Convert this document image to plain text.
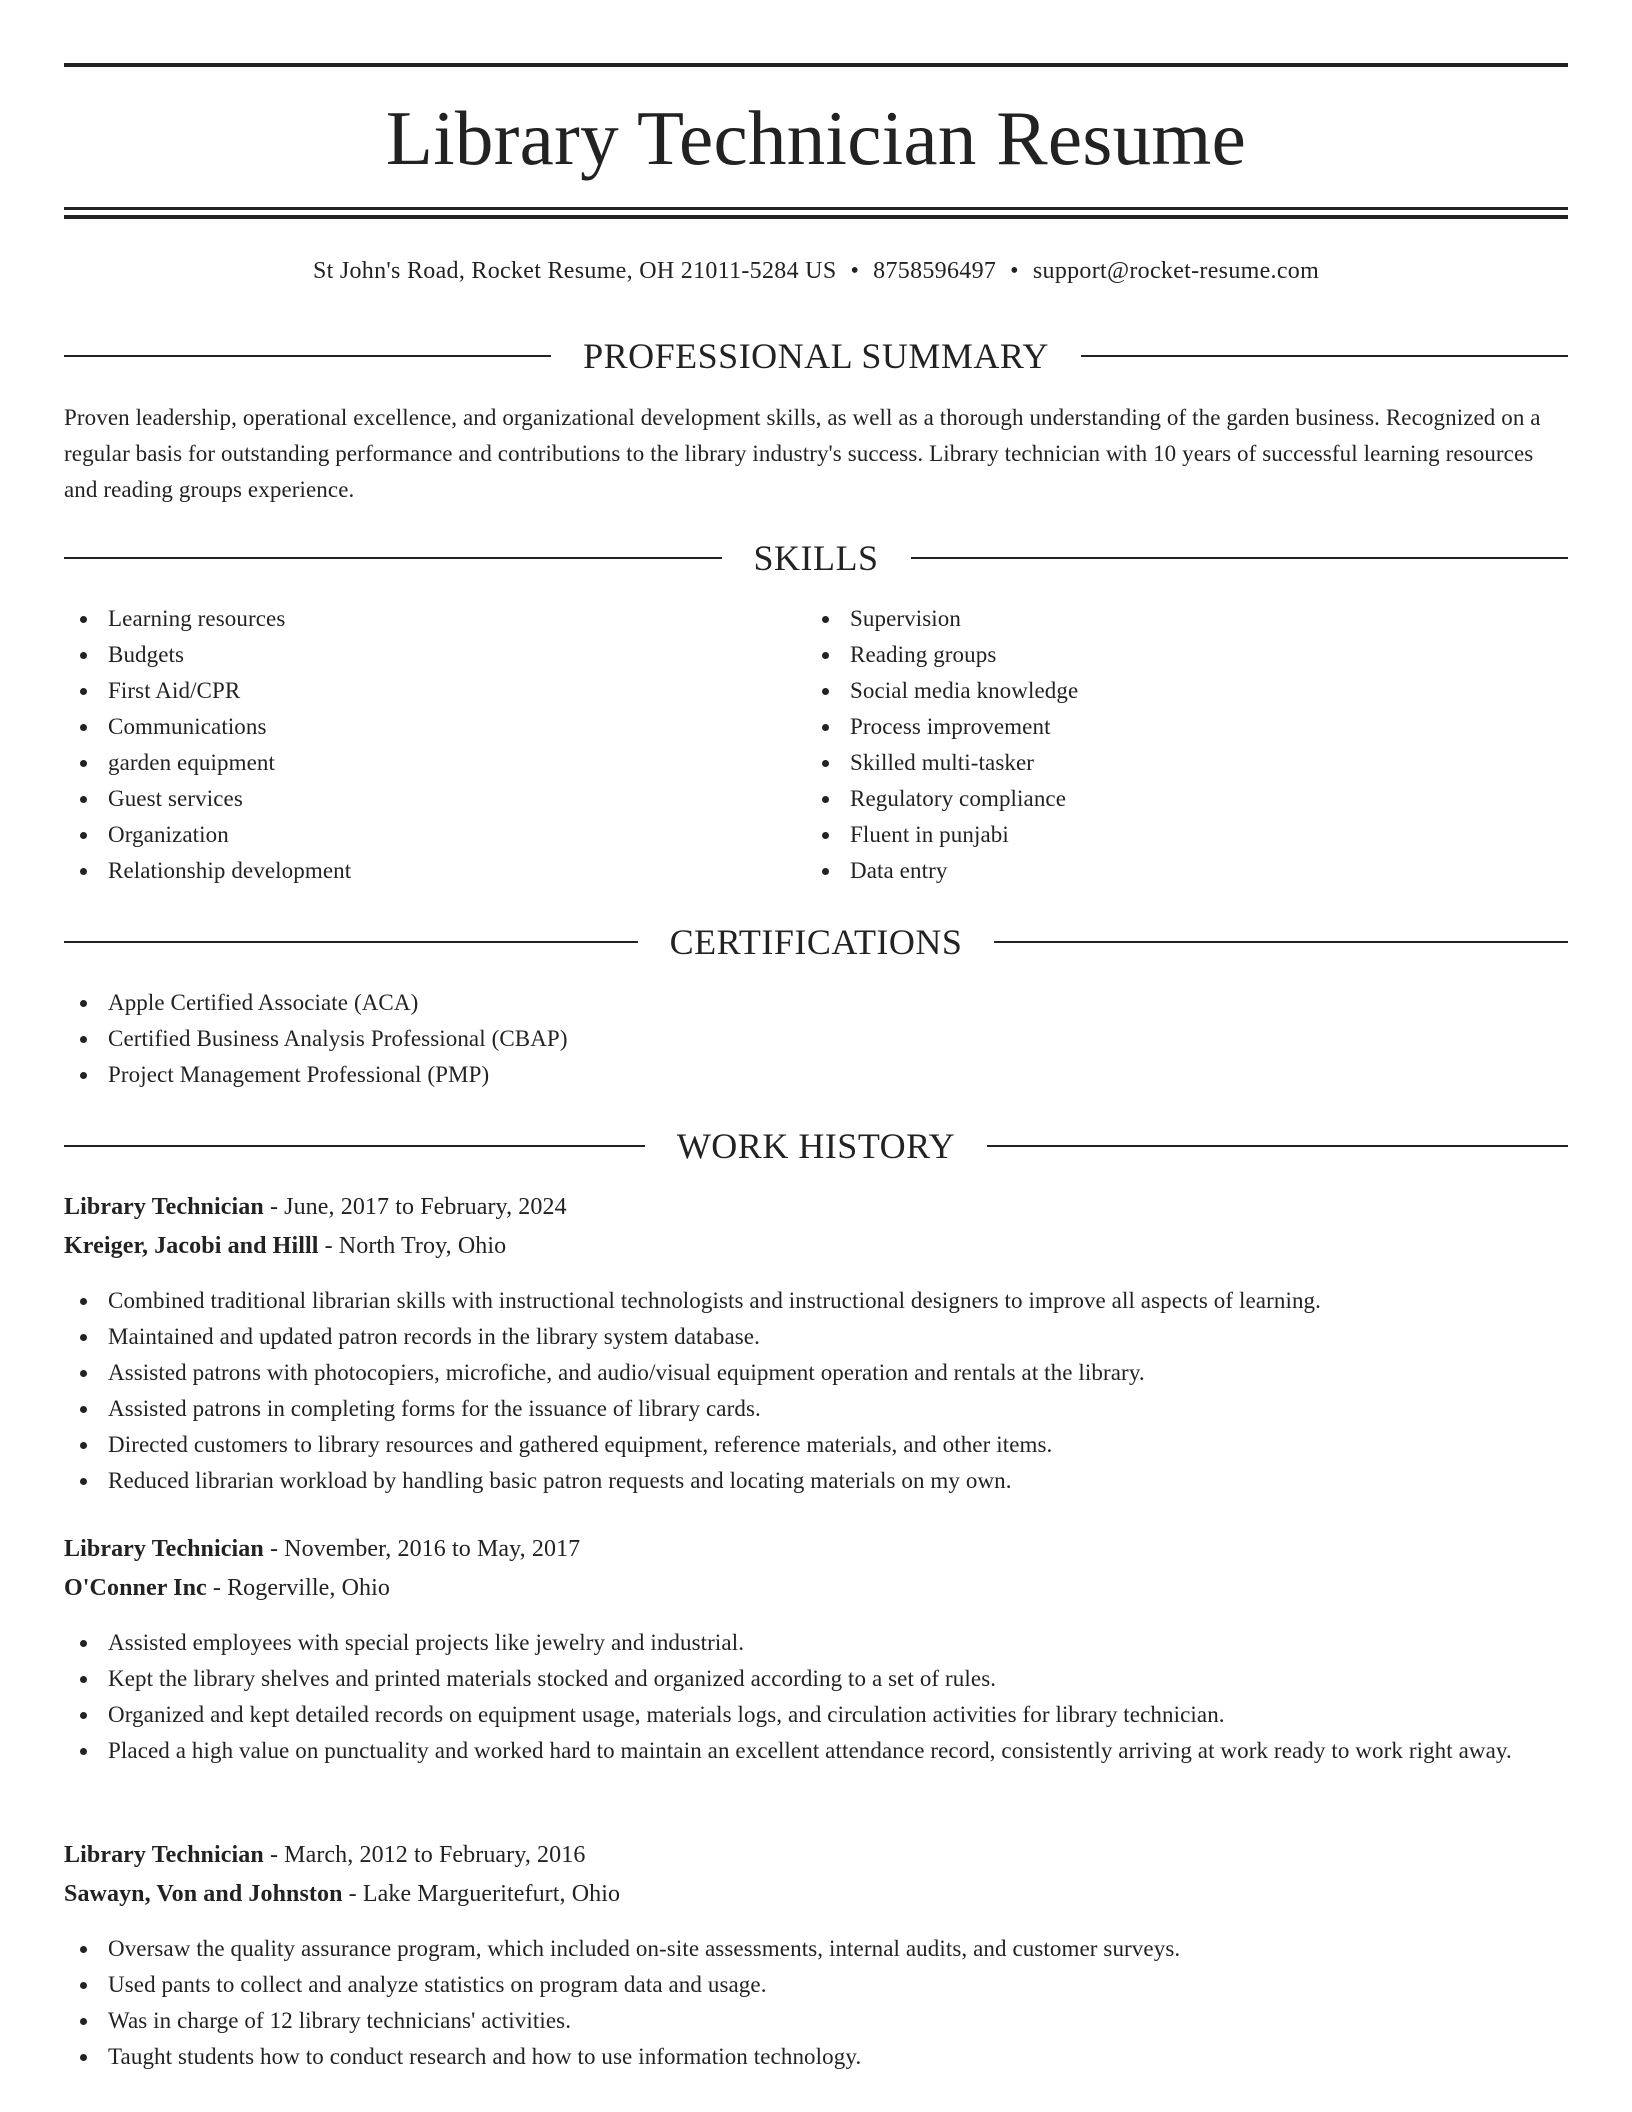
Library Technician Resume
St John's Road, Rocket Resume, OH 21011-5284 US • 8758596497 • support@rocket-resume.com
PROFESSIONAL SUMMARY

Proven leadership, operational excellence, and organizational development skills, as well as a thorough understanding of the garden business. Recognized on a regular basis for outstanding performance and contributions to the library industry's success. Library technician with 10 years of successful learning resources and reading groups experience.

SKILLS
Learning resources
Budgets
First Aid/CPR
Communications
garden equipment
Guest services
Organization
Relationship development
Supervision
Reading groups
Social media knowledge
Process improvement
Skilled multi-tasker
Regulatory compliance
Fluent in punjabi
Data entry
CERTIFICATIONS
Apple Certified Associate (ACA)
Certified Business Analysis Professional (CBAP)
Project Management Professional (PMP)
WORK HISTORY
Library Technician - June, 2017 to February, 2024
Kreiger, Jacobi and Hilll - North Troy, Ohio
Combined traditional librarian skills with instructional technologists and instructional designers to improve all aspects of learning.
Maintained and updated patron records in the library system database.
Assisted patrons with photocopiers, microfiche, and audio/visual equipment operation and rentals at the library.
Assisted patrons in completing forms for the issuance of library cards.
Directed customers to library resources and gathered equipment, reference materials, and other items.
Reduced librarian workload by handling basic patron requests and locating materials on my own.
Library Technician - November, 2016 to May, 2017
O'Conner Inc - Rogerville, Ohio
Assisted employees with special projects like jewelry and industrial.
Kept the library shelves and printed materials stocked and organized according to a set of rules.
Organized and kept detailed records on equipment usage, materials logs, and circulation activities for library technician.
Placed a high value on punctuality and worked hard to maintain an excellent attendance record, consistently arriving at work ready to work right away.
Library Technician - March, 2012 to February, 2016
Sawayn, Von and Johnston - Lake Margueritefurt, Ohio
Oversaw the quality assurance program, which included on-site assessments, internal audits, and customer surveys.
Used pants to collect and analyze statistics on program data and usage.
Was in charge of 12 library technicians' activities.
Taught students how to conduct research and how to use information technology.
